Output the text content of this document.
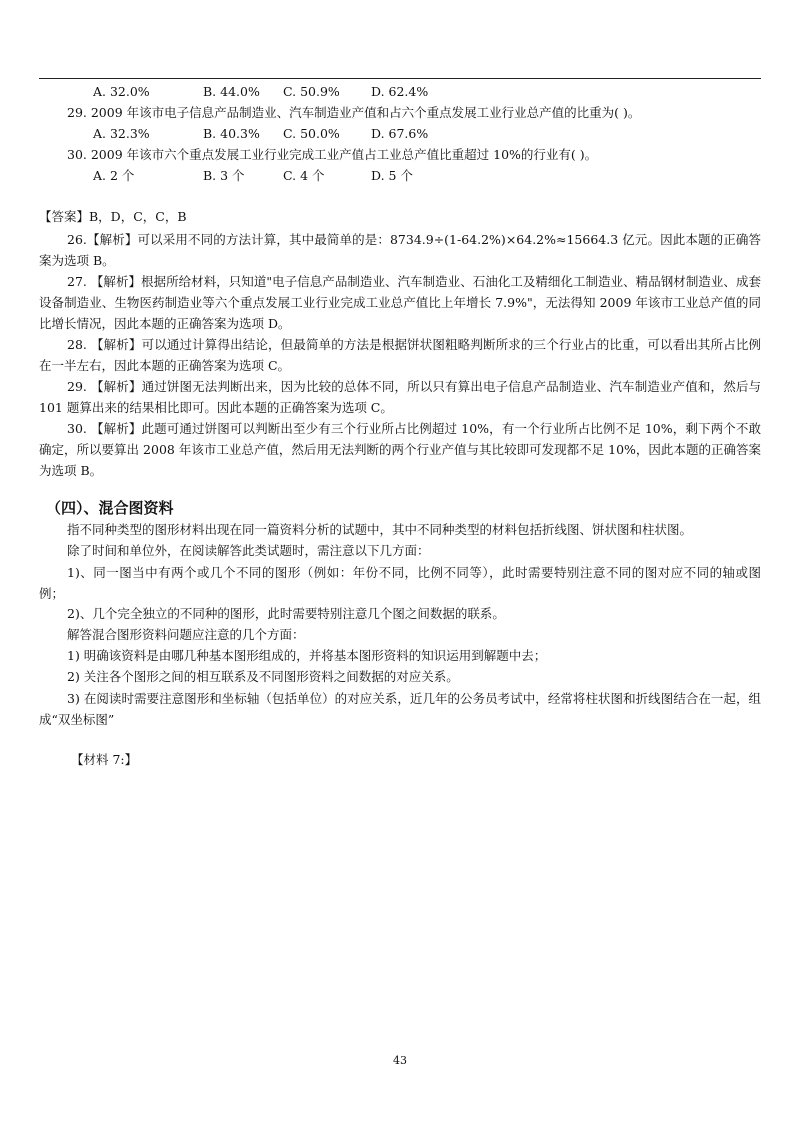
A. 32.0%	B. 44.0% C. 50.9% D. 62.4%
29. 2009 年该市电子信息产品制造业、汽车制造业产值和占六个重点发展工业行业总产值的比重为( )。
A. 32.3%	B. 40.3% C. 50.0% D. 67.6%
30. 2009 年该市六个重点发展工业行业完成工业产值占工业总产值比重超过 10%的行业有( )。
A. 2 个	B. 3 个	C. 4 个	D. 5 个
【答案】B，D，C，C，B

26.【解析】可以采用不同的方法计算，其中最简单的是：8734.9÷(1-64.2%)×64.2%≈15664.3 亿元。因此本题的正确答案为选项 B。

27. 【解析】根据所给材料，只知道"电子信息产品制造业、汽车制造业、石油化工及精细化工制造业、精品钢材制造业、成套设备制造业、生物医药制造业等六个重点发展工业行业完成工业总产值比上年增长 7.9%"，无法得知 2009 年该市工业总产值的同比增长情况，因此本题的正确答案为选项 D。

28. 【解析】可以通过计算得出结论，但最简单的方法是根据饼状图粗略判断所求的三个行业占的比重，可以看出其所占比例在一半左右，因此本题的正确答案为选项 C。

29. 【解析】通过饼图无法判断出来，因为比较的总体不同，所以只有算出电子信息产品制造业、汽车制造业产值和，然后与 101 题算出来的结果相比即可。因此本题的正确答案为选项 C。

30. 【解析】此题可通过饼图可以判断出至少有三个行业所占比例超过 10%，有一个行业所占比例不足 10%，剩下两个不敢确定，所以要算出 2008 年该市工业总产值，然后用无法判断的两个行业产值与其比较即可发现都不足 10%，因此本题的正确答案为选项 B。

（四）、混合图资料

指不同种类型的图形材料出现在同一篇资料分析的试题中，其中不同种类型的材料包括折线图、饼状图和柱状图。

除了时间和单位外，在阅读解答此类试题时，需注意以下几方面：

1)、同一图当中有两个或几个不同的图形（例如：年份不同，比例不同等），此时需要特别注意不同的图对应不同的轴或图例；

2)、几个完全独立的不同种的图形，此时需要特别注意几个图之间数据的联系。
解答混合图形资料问题应注意的几个方面：
1) 明确该资料是由哪几种基本图形组成的，并将基本图形资料的知识运用到解题中去；
2) 关注各个图形之间的相互联系及不同图形资料之间数据的对应关系。

3) 在阅读时需要注意图形和坐标轴（包括单位）的对应关系，近几年的公务员考试中，经常将柱状图和折线图结合在一起，组成“双坐标图”

【材料 7:】
43
